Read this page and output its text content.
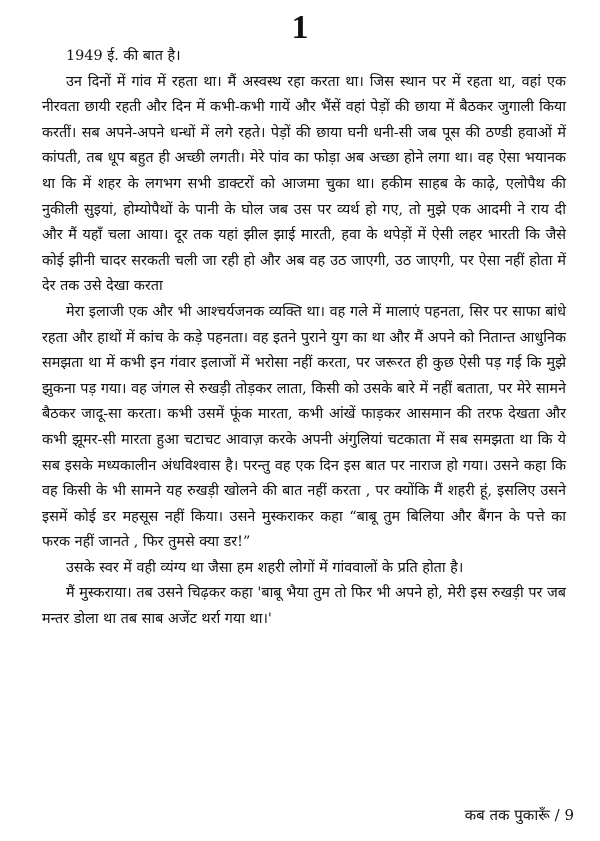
1

1949 ई. की बात है।

उन दिनों में गांव में रहता था। मैं अस्वस्थ रहा करता था। जिस स्थान पर में रहता था, वहां एक नीरवता छायी रहती और दिन में कभी-कभी गायें और भैंसें वहां पेड़ों की छाया में बैठकर जुगाली किया करतीं। सब अपने-अपने धन्धों में लगे रहते। पेड़ों की छाया घनी धनी-सी जब पूस की ठण्डी हवाओं में कांपती, तब धूप बहुत ही अच्छी लगती। मेरे पांव का फोड़ा अब अच्छा होने लगा था। वह ऐसा भयानक था कि में शहर के लगभग सभी डाक्टरों को आजमा चुका था। हकीम साहब के काढ़े, एलोपैथ की नुकीली सुइयां, होम्योपैथों के पानी के घोल जब उस पर व्यर्थ हो गए, तो मुझे एक आदमी ने राय दी और मैं यहाँ चला आया। दूर तक यहां झील झाई मारती, हवा के थपेड़ों में ऐसी लहर भारती कि जैसे कोई झीनी चादर सरकती चली जा रही हो और अब वह उठ जाएगी, उठ जाएगी, पर ऐसा नहीं होता में देर तक उसे देखा करता

मेरा इलाजी एक और भी आश्चर्यजनक व्यक्ति था। वह गले में मालाएं पहनता, सिर पर साफा बांधे रहता और हाथों में कांच के कड़े पहनता। वह इतने पुराने युग का था और मैं अपने को नितान्त आधुनिक समझता था में कभी इन गंवार इलाजों में भरोसा नहीं करता, पर जरूरत ही कुछ ऐसी पड़ गई कि मुझे झुकना पड़ गया। वह जंगल से रुखड़ी तोड़कर लाता, किसी को उसके बारे में नहीं बताता, पर मेरे सामने बैठकर जादू-सा करता। कभी उसमें फूंक मारता, कभी आंखें फाड़कर आसमान की तरफ देखता और कभी झूमर-सी मारता हुआ चटाचट आवाज़ करके अपनी अंगुलियां चटकाता में सब समझता था कि ये सब इसके मध्यकालीन अंधविश्वास है। परन्तु वह एक दिन इस बात पर नाराज हो गया। उसने कहा कि वह किसी के भी सामने यह रुखड़ी खोलने की बात नहीं करता , पर क्योंकि मैं शहरी हूं, इसलिए उसने इसमें कोई डर महसूस नहीं किया। उसने मुस्कराकर कहा “बाबू तुम बिलिया और बैंगन के पत्ते का फरक नहीं जानते , फिर तुमसे क्या डर!”

उसके स्वर में वही व्यंग्य था जैसा हम शहरी लोगों में गांववालों के प्रति होता है।

मैं मुस्कराया। तब उसने चिढ़कर कहा 'बाबू भैया तुम तो फिर भी अपने हो, मेरी इस रुखड़ी पर जब मन्तर डोला था तब साब अजेंट थर्रा गया था।'

कब तक पुकारूँ / 9
